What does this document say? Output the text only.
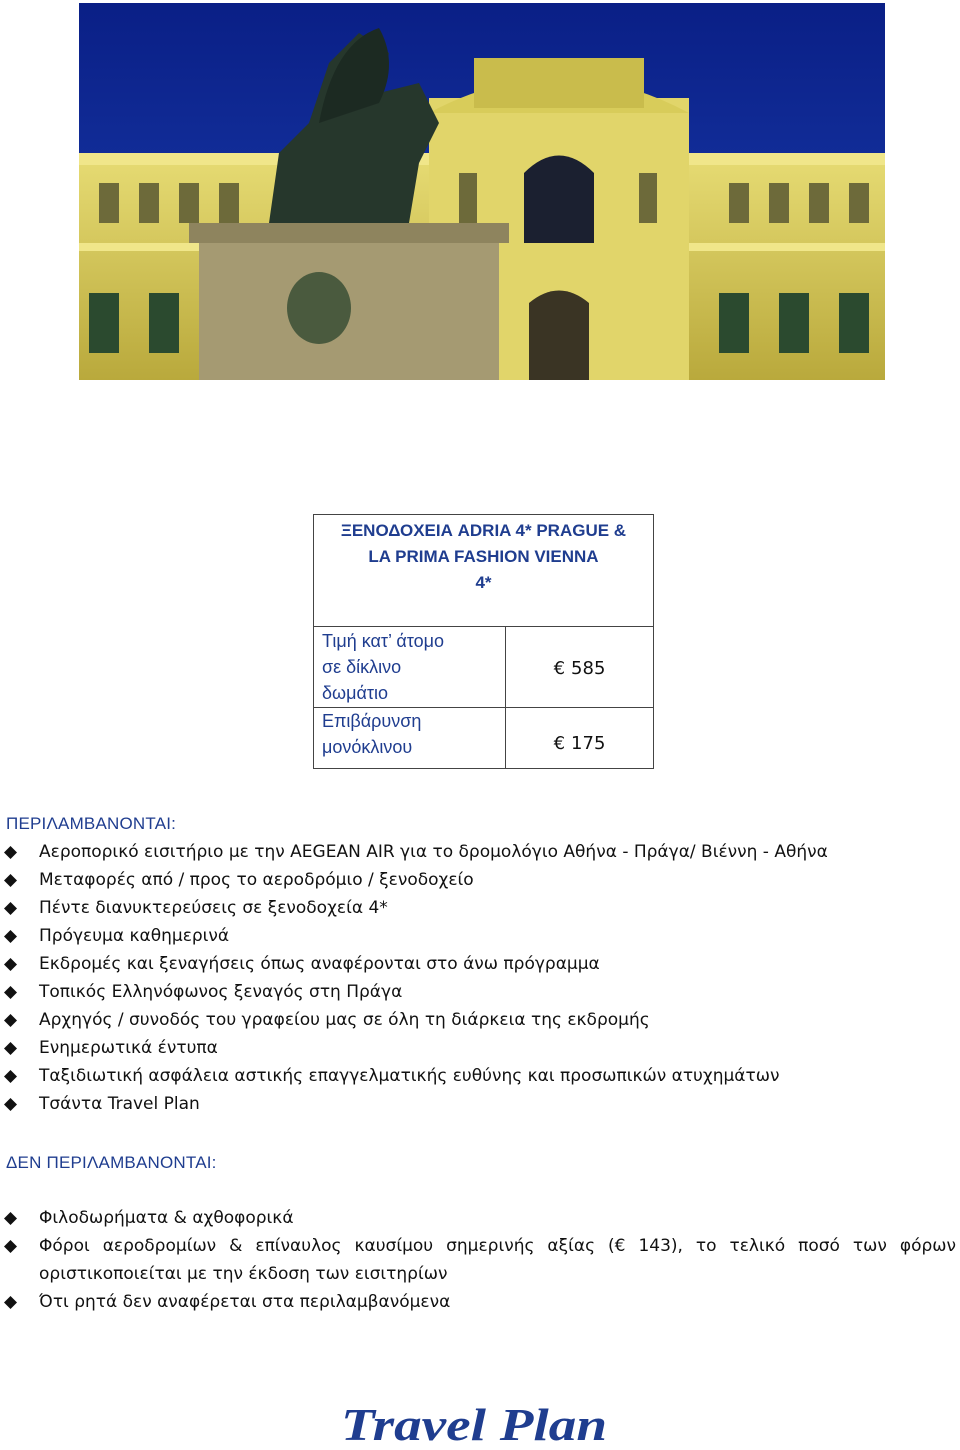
ΞΕΝΟΔΟΧΕΙΑ ADRIA 4* PRAGUE &
LA PRIMA FASHION VIENNA
4*	

Τιμή κατ’ άτομο
σε δίκλινο
δωμάτιο	€ 585

Επιβάρυνση
μονόκλινου	€ 175
ΠΕΡΙΛΑΜΒΑΝΟΝΤΑΙ:
Αεροπορικό εισιτήριο με την AEGEAN AIR για το δρομολόγιο Αθήνα - Πράγα/ Βιέννη - Αθήνα
Μεταφορές από / προς το αεροδρόμιο / ξενοδοχείο
Πέντε διανυκτερεύσεις σε ξενοδοχεία 4*
Πρόγευμα καθημερινά
Εκδρομές και ξεναγήσεις όπως αναφέρονται στο άνω πρόγραμμα
Τοπικός Ελληνόφωνος ξεναγός στη Πράγα
Αρχηγός / συνοδός του γραφείου μας σε όλη τη διάρκεια της εκδρομής
Ενημερωτικά έντυπα
Ταξιδιωτική ασφάλεια αστικής επαγγελματικής ευθύνης και προσωπικών ατυχημάτων
Τσάντα Travel Plan
ΔΕΝ ΠΕΡΙΛΑΜΒΑΝΟΝΤΑΙ:
Φιλοδωρήματα & αχθοφορικά
Φόροι αεροδρομίων & επίναυλος καυσίμου σημερινής αξίας (€ 143), το τελικό ποσό των φόρων οριστικοποιείται με την έκδοση των εισιτηρίων
Ότι ρητά δεν αναφέρεται στα περιλαμβανόμενα
Travel Plan
